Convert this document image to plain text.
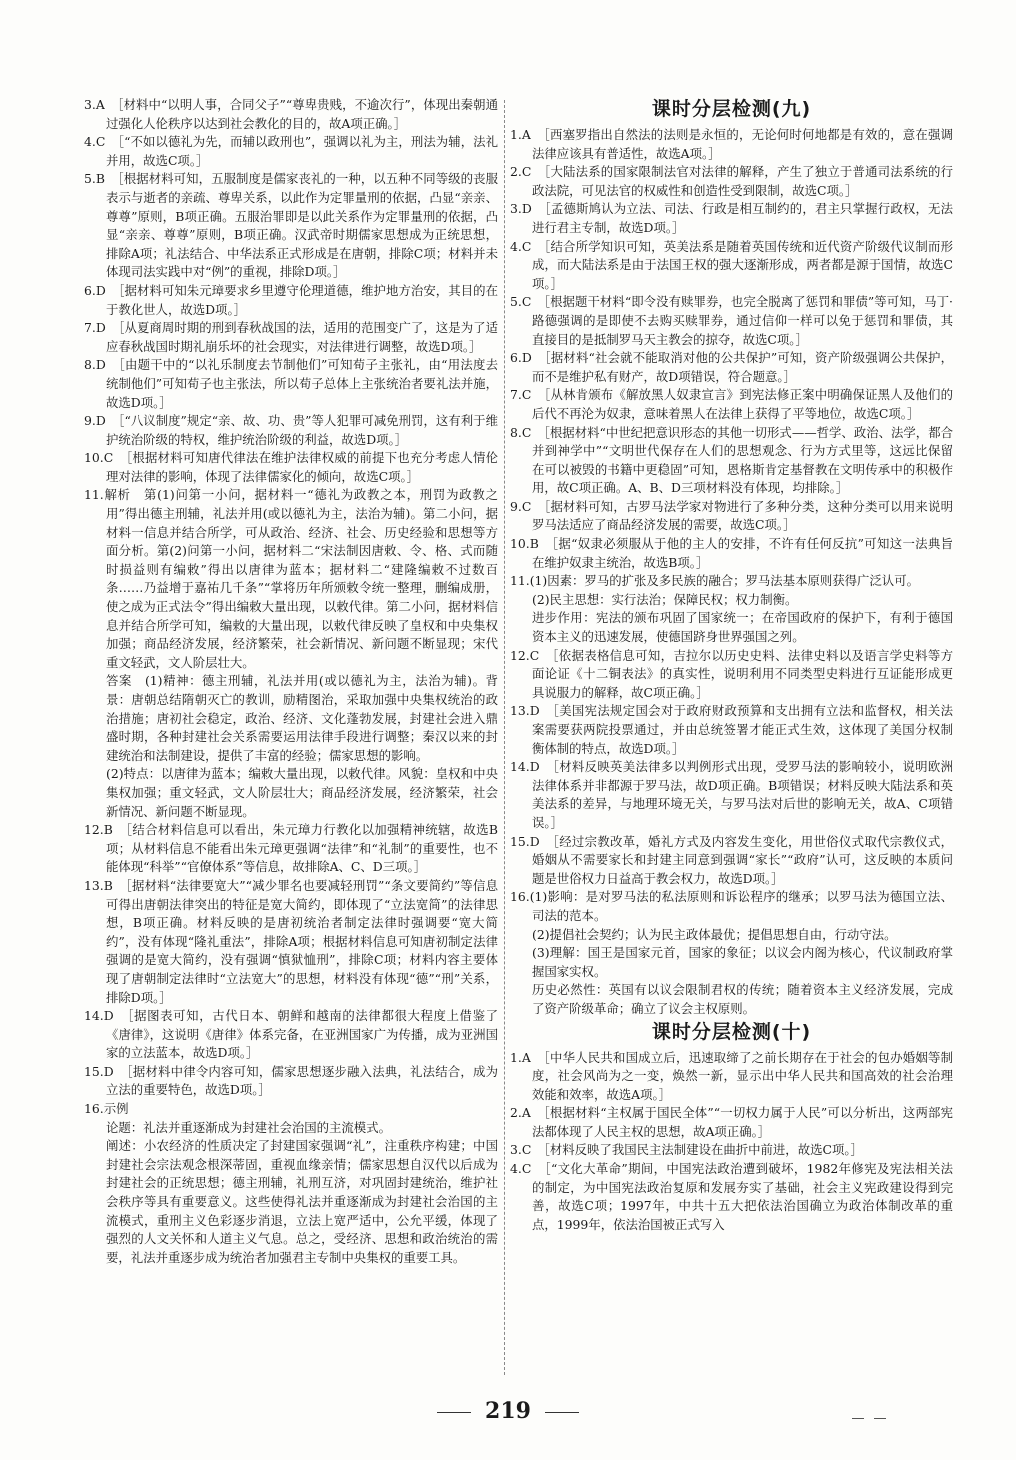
3.A　［材料中“以明人事，合同父子”“尊卑贵贱，不逾次行”，体现出秦朝通过强化人伦秩序以达到社会教化的目的，故A项正确。］

4.C　［“不如以德礼为先，而辅以政刑也”，强调以礼为主，刑法为辅，法礼并用，故选C项。］

5.B　［根据材料可知，五服制度是儒家丧礼的一种，以五种不同等级的丧服表示与逝者的亲疏、尊卑关系，以此作为定罪量刑的依据，凸显“亲亲、尊尊”原则，B项正确。五服治罪即是以此关系作为定罪量刑的依据，凸显“亲亲、尊尊”原则，B项正确。汉武帝时期儒家思想成为正统思想，排除A项；礼法结合、中华法系正式形成是在唐朝，排除C项；材料并未体现司法实践中对“例”的重视，排除D项。］

6.D　［据材料可知朱元璋要求乡里遵守伦理道德，维护地方治安，其目的在于教化世人，故选D项。］

7.D　［从夏商周时期的刑到春秋战国的法，适用的范围变广了，这是为了适应春秋战国时期礼崩乐坏的社会现实，对法律进行调整，故选D项。］

8.D　［由题干中的“以礼乐制度去节制他们”可知荀子主张礼，由“用法度去统制他们”可知荀子也主张法，所以荀子总体上主张统治者要礼法并施，故选D项。］

9.D　［“八议制度”规定“亲、故、功、贵”等人犯罪可减免刑罚，这有利于维护统治阶级的特权，维护统治阶级的利益，故选D项。］

10.C　［根据材料可知唐代律法在维护法律权威的前提下也充分考虑人情伦理对法律的影响，体现了法律儒家化的倾向，故选C项。］

11.解析　第(1)问第一小问，据材料一“德礼为政教之本，刑罚为政教之用”得出德主刑辅，礼法并用(或以德礼为主，法治为辅)。第二小问，据材料一信息并结合所学，可从政治、经济、社会、历史经验和思想等方面分析。第(2)问第一小问，据材料二“宋法制因唐敕、令、格、式而随时损益则有编敕”得出以唐律为蓝本；据材料二“建隆编敕不过数百条……乃益增于嘉祐几千条”“掌将历年所颁敕令统一整理，删编成册，使之成为正式法令”得出编敕大量出现，以敕代律。第二小问，据材料信息并结合所学可知，编敕的大量出现，以敕代律反映了皇权和中央集权加强；商品经济发展，经济繁荣，社会新情况、新问题不断显现；宋代重文轻武，文人阶层壮大。

答案　(1)精神：德主刑辅，礼法并用(或以德礼为主，法治为辅)。背景：唐朝总结隋朝灭亡的教训，励精图治，采取加强中央集权统治的政治措施；唐初社会稳定，政治、经济、文化蓬勃发展，封建社会进入鼎盛时期，各种封建社会关系需要运用法律手段进行调整；秦汉以来的封建统治和法制建设，提供了丰富的经验；儒家思想的影响。

(2)特点：以唐律为蓝本；编敕大量出现，以敕代律。风貌：皇权和中央集权加强；重文轻武，文人阶层壮大；商品经济发展，经济繁荣，社会新情况、新问题不断显现。

12.B　［结合材料信息可以看出，朱元璋力行教化以加强精神统辖，故选B项；从材料信息不能看出朱元璋更强调“法律”和“礼制”的重要性，也不能体现“科举”“官僚体系”等信息，故排除A、C、D三项。］

13.B　［据材料“法律要宽大”“减少罪名也要减轻刑罚”“条文要简约”等信息可得出唐朝法律突出的特征是宽大简约，即体现了“立法宽简”的法律思想，B项正确。材料反映的是唐初统治者制定法律时强调要“宽大简约”，没有体现“隆礼重法”，排除A项；根据材料信息可知唐初制定法律强调的是宽大简约，没有强调“慎狱恤刑”，排除C项；材料内容主要体现了唐朝制定法律时“立法宽大”的思想，材料没有体现“德”“刑”关系，排除D项。］

14.D　［据图表可知，古代日本、朝鲜和越南的法律都很大程度上借鉴了《唐律》，这说明《唐律》体系完备，在亚洲国家广为传播，成为亚洲国家的立法蓝本，故选D项。］

15.D　［据材料中律令内容可知，儒家思想逐步融入法典，礼法结合，成为立法的重要特色，故选D项。］

16.示例

论题：礼法并重逐渐成为封建社会治国的主流模式。

阐述：小农经济的性质决定了封建国家强调“礼”，注重秩序构建；中国封建社会宗法观念根深蒂固，重视血缘亲情；儒家思想自汉代以后成为封建社会的正统思想；德主刑辅，礼刑互济，对巩固封建统治，维护社会秩序等具有重要意义。这些使得礼法并重逐渐成为封建社会治国的主流模式，重刑主义色彩逐步消退，立法上宽严适中，公允平缓，体现了强烈的人文关怀和人道主义气息。总之，受经济、思想和政治统治的需要，礼法并重逐步成为统治者加强君主专制中央集权的重要工具。

课时分层检测(九)

1.A　［西塞罗指出自然法的法则是永恒的，无论何时何地都是有效的，意在强调法律应该具有普适性，故选A项。］

2.C　［大陆法系的国家限制法官对法律的解释，产生了独立于普通司法系统的行政法院，可见法官的权威性和创造性受到限制，故选C项。］

3.D　［孟德斯鸠认为立法、司法、行政是相互制约的，君主只掌握行政权，无法进行君主专制，故选D项。］

4.C　［结合所学知识可知，英美法系是随着英国传统和近代资产阶级代议制而形成，而大陆法系是由于法国王权的强大逐渐形成，两者都是源于国情，故选C项。］

5.C　［根据题干材料“即令没有赎罪券，也完全脱离了惩罚和罪债”等可知，马丁·路德强调的是即使不去购买赎罪券，通过信仰一样可以免于惩罚和罪债，其直接目的是抵制罗马天主教会的掠夺，故选C项。］

6.D　［据材料“社会就不能取消对他的公共保护”可知，资产阶级强调公共保护，而不是维护私有财产，故D项错误，符合题意。］

7.C　［从林肯颁布《解放黑人奴隶宣言》到宪法修正案中明确保证黑人及他们的后代不再沦为奴隶，意味着黑人在法律上获得了平等地位，故选C项。］

8.C　［根据材料“中世纪把意识形态的其他一切形式——哲学、政治、法学，都合并到神学中”“文明世代保存在人们的思想观念、行为方式里等，这远比保留在可以被毁的书籍中更稳固”可知，恩格斯肯定基督教在文明传承中的积极作用，故C项正确。A、B、D三项材料没有体现，均排除。］

9.C　［据材料可知，古罗马法学家对物进行了多种分类，这种分类可以用来说明罗马法适应了商品经济发展的需要，故选C项。］

10.B　［据“奴隶必须服从于他的主人的安排，不许有任何反抗”可知这一法典旨在维护奴隶主统治，故选B项。］

11.(1)因素：罗马的扩张及多民族的融合；罗马法基本原则获得广泛认可。

(2)民主思想：实行法治；保障民权；权力制衡。

进步作用：宪法的颁布巩固了国家统一；在帝国政府的保护下，有利于德国资本主义的迅速发展，使德国跻身世界强国之列。

12.C　［依据表格信息可知，吉拉尔以历史史料、法律史料以及语言学史料等方面论证《十二铜表法》的真实性，说明利用不同类型史料进行互证能形成更具说服力的解释，故C项正确。］

13.D　［美国宪法规定国会对于政府财政预算和支出拥有立法和监督权，相关法案需要获两院投票通过，并由总统签署才能正式生效，这体现了美国分权制衡体制的特点，故选D项。］

14.D　［材料反映英美法律多以判例形式出现，受罗马法的影响较小，说明欧洲法律体系并非都源于罗马法，故D项正确。B项错误；材料反映大陆法系和英美法系的差异，与地理环境无关，与罗马法对后世的影响无关，故A、C项错误。］

15.D　［经过宗教改革，婚礼方式及内容发生变化，用世俗仪式取代宗教仪式，婚姻从不需要家长和封建主同意到强调“家长”“政府”认可，这反映的本质问题是世俗权力日益高于教会权力，故选D项。］

16.(1)影响：是对罗马法的私法原则和诉讼程序的继承；以罗马法为德国立法、司法的范本。

(2)提倡社会契约；认为民主政体最优；提倡思想自由，行动守法。

(3)理解：国王是国家元首，国家的象征；以议会内阁为核心，代议制政府掌握国家实权。

历史必然性：英国有以议会限制君权的传统；随着资本主义经济发展，完成了资产阶级革命；确立了议会主权原则。

课时分层检测(十)

1.A　［中华人民共和国成立后，迅速取缔了之前长期存在于社会的包办婚姻等制度，社会风尚为之一变，焕然一新，显示出中华人民共和国高效的社会治理效能和效率，故选A项。］

2.A　［根据材料“主权属于国民全体”“一切权力属于人民”可以分析出，这两部宪法都体现了人民主权的思想，故A项正确。］

3.C　［材料反映了我国民主法制建设在曲折中前进，故选C项。］

4.C　［“文化大革命”期间，中国宪法政治遭到破坏，1982年修宪及宪法相关法的制定，为中国宪法政治复原和发展夯实了基础，社会主义宪政建设得到完善，故选C项；1997年，中共十五大把依法治国确立为政治体制改革的重点，1999年，依法治国被正式写入

219
